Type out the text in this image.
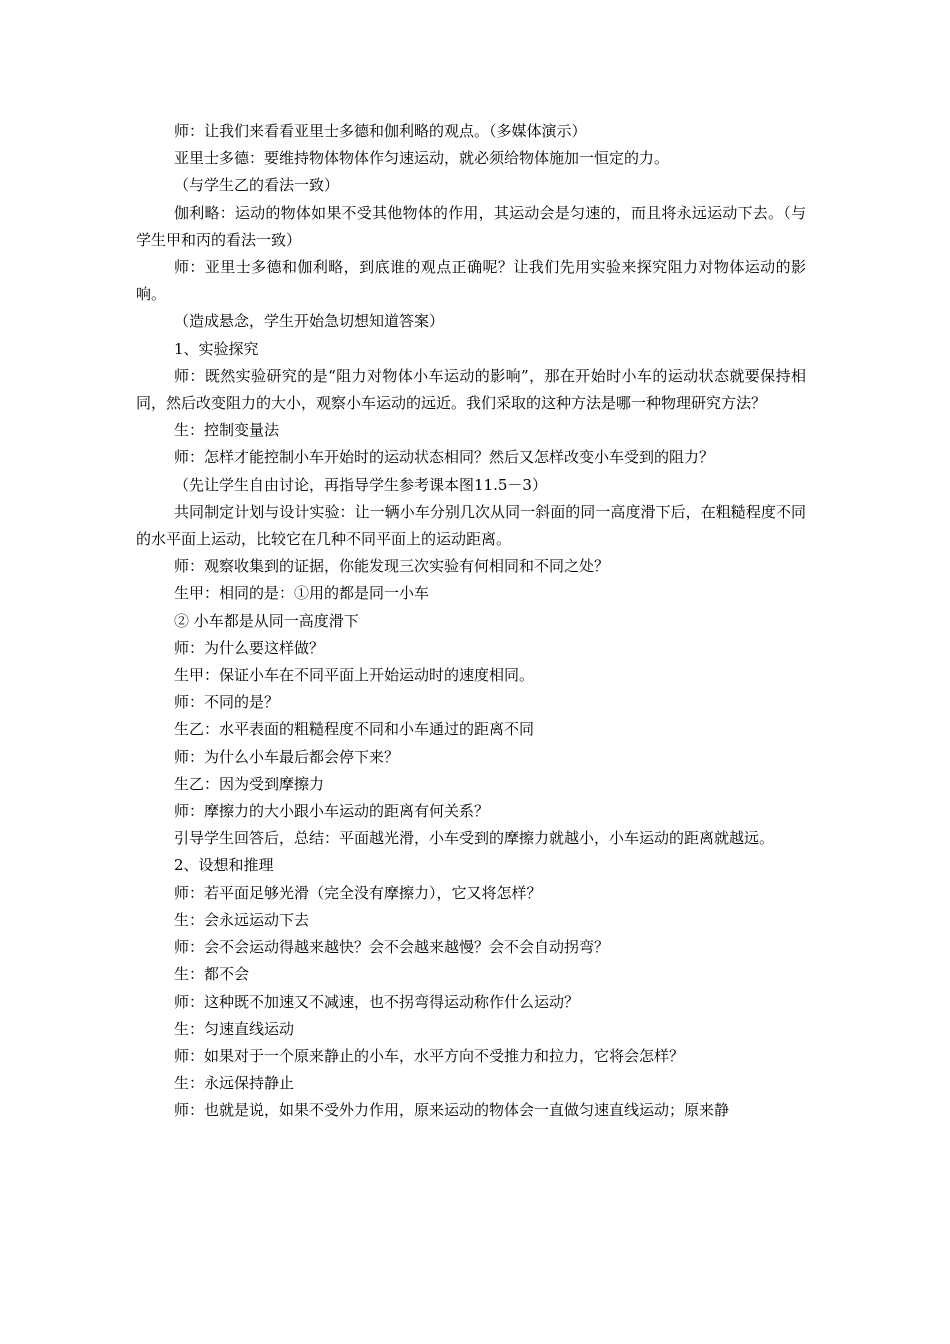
师：让我们来看看亚里士多德和伽利略的观点。（多媒体演示）

亚里士多德：要维持物体物体作匀速运动，就必须给物体施加一恒定的力。

（与学生乙的看法一致）

伽利略：运动的物体如果不受其他物体的作用，其运动会是匀速的，而且将永远运动下去。（与学生甲和丙的看法一致）

师：亚里士多德和伽利略，到底谁的观点正确呢？让我们先用实验来探究阻力对物体运动的影响。

（造成悬念，学生开始急切想知道答案）

1、实验探究

师：既然实验研究的是“阻力对物体小车运动的影响”，那在开始时小车的运动状态就要保持相同，然后改变阻力的大小，观察小车运动的远近。我们采取的这种方法是哪一种物理研究方法？

生：控制变量法

师：怎样才能控制小车开始时的运动状态相同？然后又怎样改变小车受到的阻力？

（先让学生自由讨论，再指导学生参考课本图11.5－3）

共同制定计划与设计实验：让一辆小车分别几次从同一斜面的同一高度滑下后，在粗糙程度不同的水平面上运动，比较它在几种不同平面上的运动距离。

师：观察收集到的证据，你能发现三次实验有何相同和不同之处？

生甲：相同的是：①用的都是同一小车

② 小车都是从同一高度滑下

师：为什么要这样做？

生甲：保证小车在不同平面上开始运动时的速度相同。

师：不同的是？

生乙：水平表面的粗糙程度不同和小车通过的距离不同

师：为什么小车最后都会停下来？

生乙：因为受到摩擦力

师：摩擦力的大小跟小车运动的距离有何关系？

引导学生回答后，总结：平面越光滑，小车受到的摩擦力就越小，小车运动的距离就越远。

2、设想和推理

师：若平面足够光滑（完全没有摩擦力），它又将怎样？

生：会永远运动下去

师：会不会运动得越来越快？会不会越来越慢？会不会自动拐弯？

生：都不会

师：这种既不加速又不减速，也不拐弯得运动称作什么运动？

生：匀速直线运动

师：如果对于一个原来静止的小车，水平方向不受推力和拉力，它将会怎样？

生：永远保持静止

师：也就是说，如果不受外力作用，原来运动的物体会一直做匀速直线运动；原来静
